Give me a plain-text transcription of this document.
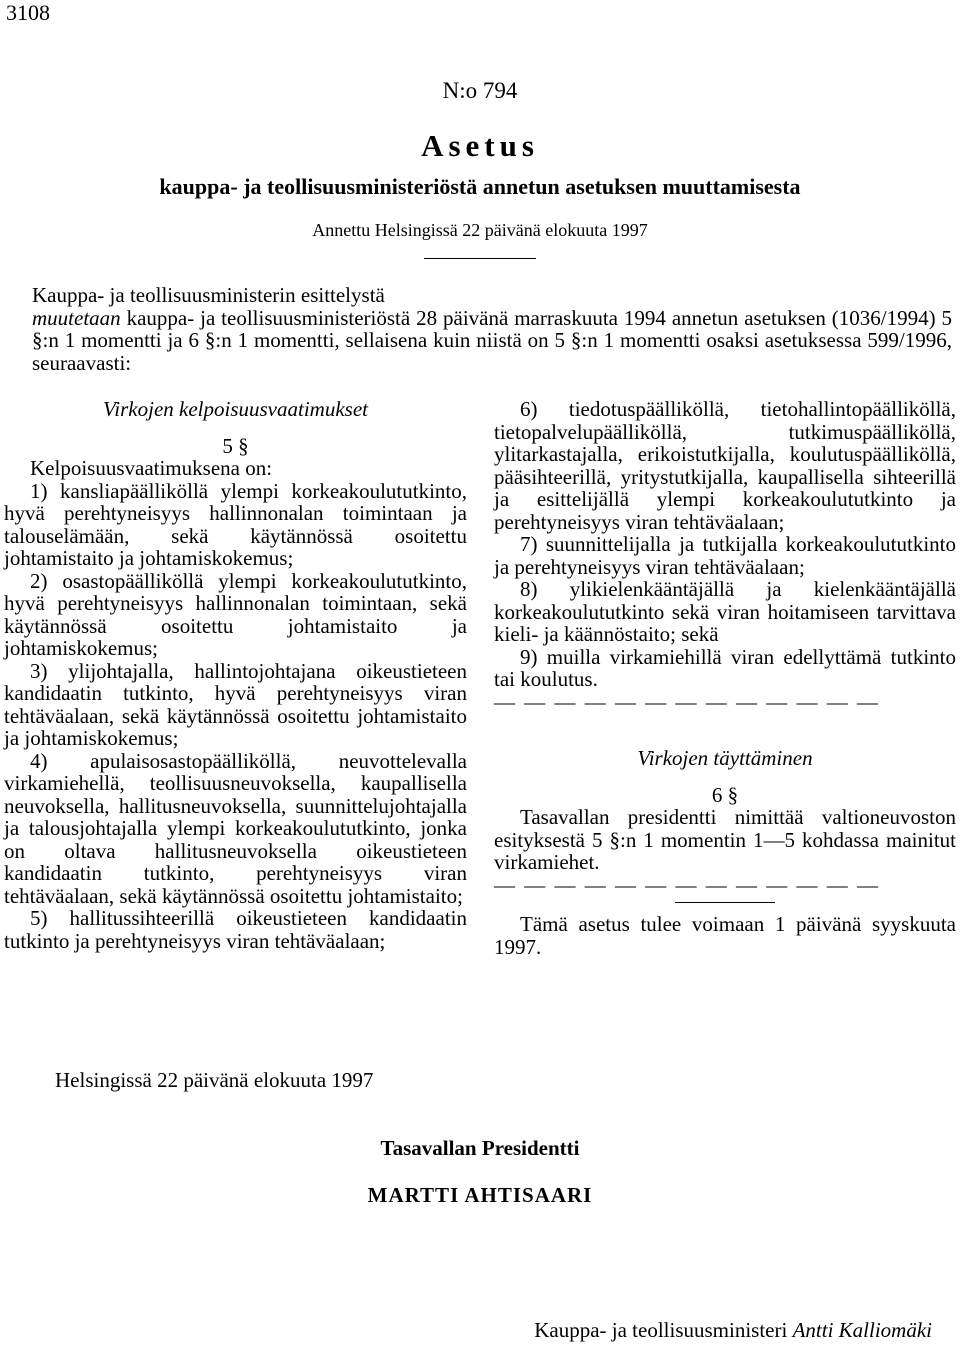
3108
N:o 794
Asetus
kauppa- ja teollisuusministeriöstä annetun asetuksen muuttamisesta
Annettu Helsingissä 22 päivänä elokuuta 1997

Kauppa- ja teollisuusministerin esittelystä

muutetaan kauppa- ja teollisuusministeriöstä 28 päivänä marraskuuta 1994 annetun asetuksen (1036/1994) 5 §:n 1 momentti ja 6 §:n 1 momentti, sellaisena kuin niistä on 5 §:n 1 momentti osaksi asetuksessa 599/1996, seuraavasti:

Virkojen kelpoisuusvaatimukset

5 §

Kelpoisuusvaatimuksena on:

1) kansliapäälliköllä ylempi korkeakoulututkinto, hyvä perehtyneisyys hallinnonalan toimintaan ja talouselämään, sekä käytännössä osoitettu johtamistaito ja johtamiskokemus;

2) osastopäälliköllä ylempi korkeakoulututkinto, hyvä perehtyneisyys hallinnonalan toimintaan, sekä käytännössä osoitettu johtamistaito ja johtamiskokemus;

3) ylijohtajalla, hallintojohtajana oikeustieteen kandidaatin tutkinto, hyvä perehtyneisyys viran tehtäväalaan, sekä käytännössä osoitettu johtamistaito ja johtamiskokemus;

4) apulaisosastopäälliköllä, neuvottelevalla virkamiehellä, teollisuusneuvoksella, kaupallisella neuvoksella, hallitusneuvoksella, suunnittelujohtajalla ja talousjohtajalla ylempi korkeakoulututkinto, jonka on oltava hallitusneuvoksella oikeustieteen kandidaatin tutkinto, perehtyneisyys viran tehtäväalaan, sekä käytännössä osoitettu johtamistaito;

5) hallitussihteerillä oikeustieteen kandidaatin tutkinto ja perehtyneisyys viran tehtäväalaan;

6) tiedotuspäälliköllä, tietohallintopäälliköllä, tietopalvelupäälliköllä, tutkimuspäälliköllä, ylitarkastajalla, erikoistutkijalla, koulutuspäälliköllä, pääsihteerillä, yritystutkijalla, kaupallisella sihteerillä ja esittelijällä ylempi korkeakoulututkinto ja perehtyneisyys viran tehtäväalaan;

7) suunnittelijalla ja tutkijalla korkeakoulututkinto ja perehtyneisyys viran tehtäväalaan;

8) ylikielenkääntäjällä ja kielenkääntäjällä korkeakoulututkinto sekä viran hoitamiseen tarvittava kieli- ja käännöstaito; sekä

9) muilla virkamiehillä viran edellyttämä tutkinto tai koulutus.

— — — — — — — — — — — — —

Virkojen täyttäminen

6 §

Tasavallan presidentti nimittää valtioneuvoston esityksestä 5 §:n 1 momentin 1—5 kohdassa mainitut virkamiehet.

— — — — — — — — — — — — —

Tämä asetus tulee voimaan 1 päivänä syyskuuta 1997.

Helsingissä 22 päivänä elokuuta 1997
Tasavallan Presidentti
MARTTI AHTISAARI
Kauppa- ja teollisuusministeri Antti Kalliomäki
